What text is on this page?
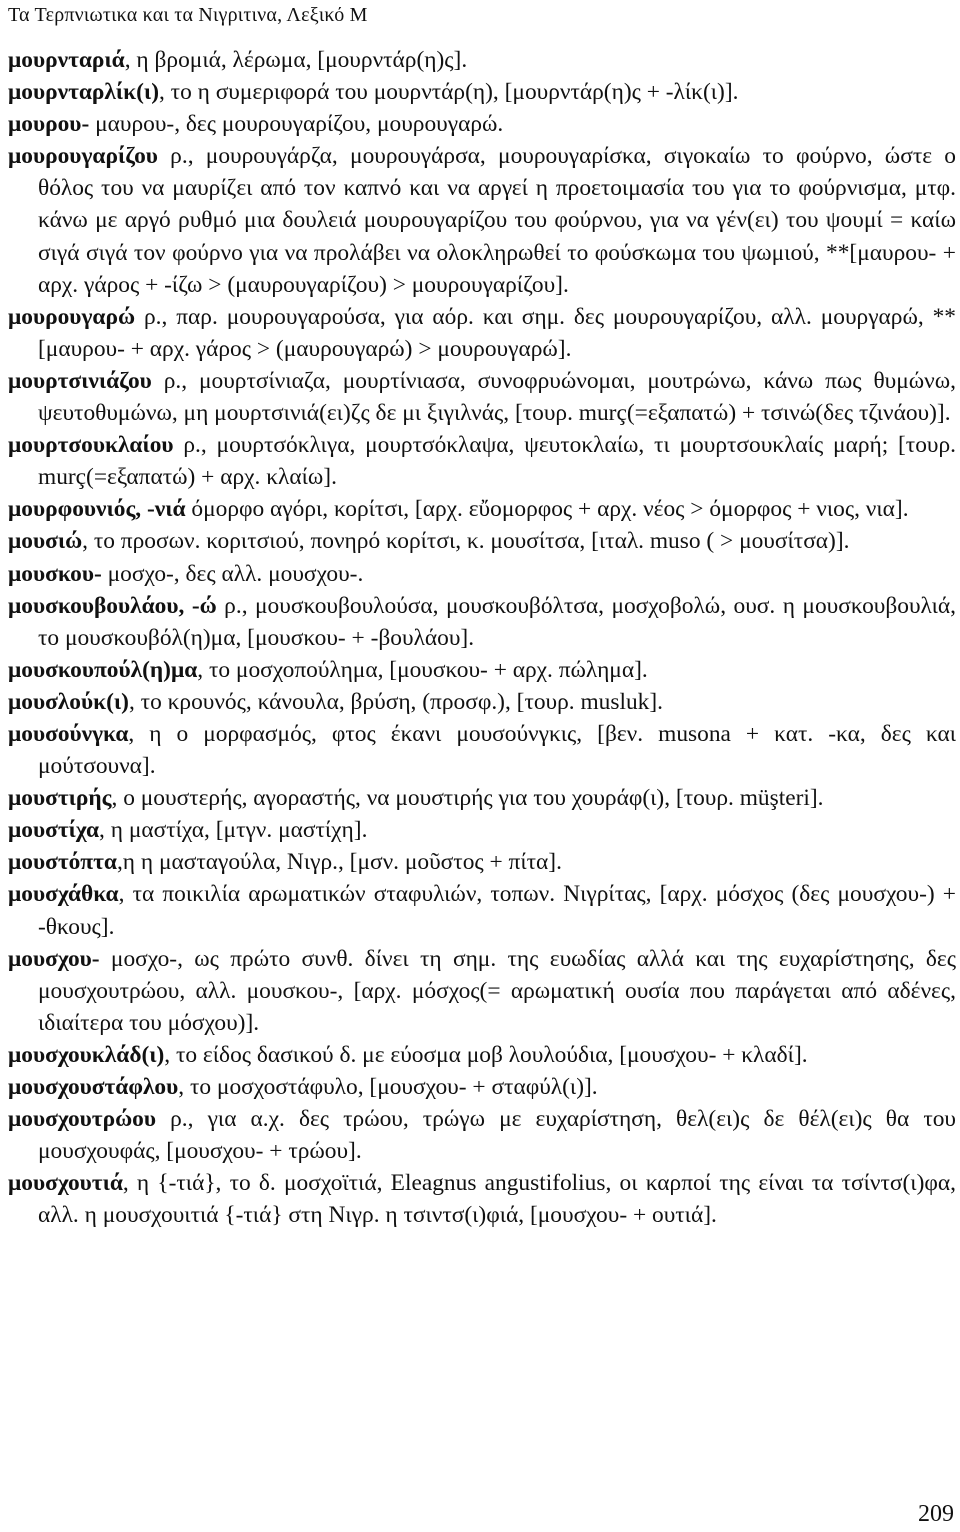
Τα Τερπνιωτικα και τα Νιγριτινα, Λεξικό Μ

μουρνταριά, η βρομιά, λέρωμα, [μουρντάρ(η)ς].

μουρνταρλίκ(ι), το η συμεριφορά του μουρντάρ(η), [μουρντάρ(η)ς + -λίκ(ι)].

μουρου- μαυρου-, δες μουρουγαρίζου, μουρουγαρώ.

μουρουγαρίζου ρ., μουρουγάρζα, μουρουγάρσα, μουρουγαρίσκα, σιγοκαίω το φούρνο, ώστε ο θόλος του να μαυρίζει από τον καπνό και να αργεί η προετοιμασία του για το φούρνισμα, μτφ. κάνω με αργό ρυθμό μια δουλειά μουρουγαρίζου του φούρνου, για να γέν(ει) του ψουμί = καίω σιγά σιγά τον φούρνο για να προλάβει να ολοκληρωθεί το φούσκωμα του ψωμιού, **[μαυρου- + αρχ. γάρος + -ίζω > (μαυρουγαρίζου) > μουρουγαρίζου].

μουρουγαρώ ρ., παρ. μουρουγαρούσα, για αόρ. και σημ. δες μουρουγαρίζου, αλλ. μουργαρώ, **[μαυρου- + αρχ. γάρος > (μαυρουγαρώ) > μουρουγαρώ].

μουρτσινιάζου ρ., μουρτσίνιαζα, μουρτίνιασα, συνοφρυώνομαι, μουτρώνω, κάνω πως θυμώνω, ψευτοθυμώνω, μη μουρτσινιά(ει)ζς δε μι ξιγιλνάς, [τουρ. murç(=εξαπατώ) + τσινώ(δες τζινάου)].

μουρτσουκλαίου ρ., μουρτσόκλιγα, μουρτσόκλαψα, ψευτοκλαίω, τι μουρτσουκλαίς μαρή; [τουρ. murç(=εξαπατώ) + αρχ. κλαίω].

μουρφουνιός, -νιά όμορφο αγόρι, κορίτσι, [αρχ. εὔομορφος + αρχ. νέος > όμορφος + νιος, νια].

μουσιώ, το προσων. κοριτσιού, πονηρό κορίτσι, κ. μουσίτσα, [ιταλ. muso ( > μουσίτσα)].

μουσκου- μοσχο-, δες αλλ. μουσχου-.

μουσκουβουλάου, -ώ ρ., μουσκουβουλούσα, μουσκουβόλτσα, μοσχοβολώ, ουσ. η μουσκουβουλιά, το μουσκουβόλ(η)μα, [μουσκου- + -βουλάου].

μουσκουπούλ(η)μα, το μοσχοπούλημα, [μουσκου- + αρχ. πώλημα].

μουσλούκ(ι), το κρουνός, κάνουλα, βρύση, (προσφ.), [τουρ. musluk].

μουσούνγκα, η ο μορφασμός, φτος έκανι μουσούνγκις, [βεν. musona + κατ. -κα, δες και μούτσουνα].

μουστιρής, ο μουστερής, αγοραστής, να μουστιρής για του χουράφ(ι), [τουρ. müşteri].

μουστίχα, η μαστίχα, [μτγν. μαστίχη].

μουστόπτα,η η μασταγούλα, Νιγρ., [μσν. μοῦστος + πίτα].

μουσχάθκα, τα ποικιλία αρωματικών σταφυλιών, τοπων. Νιγρίτας, [αρχ. μόσχος (δες μουσχου-) + -θκους].

μουσχου- μοσχο-, ως πρώτο συνθ. δίνει τη σημ. της ευωδίας αλλά και της ευχαρίστησης, δες μουσχουτρώου, αλλ. μουσκου-, [αρχ. μόσχος(= αρωματική ουσία που παράγεται από αδένες, ιδιαίτερα του μόσχου)].

μουσχουκλάδ(ι), το είδος δασικού δ. με εύοσμα μοβ λουλούδια, [μουσχου- + κλαδί].

μουσχουστάφλου, το μοσχοστάφυλο, [μουσχου- + σταφύλ(ι)].

μουσχουτρώου ρ., για α.χ. δες τρώου, τρώγω με ευχαρίστηση, θελ(ει)ς δε θέλ(ει)ς θα του μουσχουφάς, [μουσχου- + τρώου].

μουσχουτιά, η {-τιά}, το δ. μοσχοϊτιά, Eleagnus angustifolius, οι καρποί της είναι τα τσίντσ(ι)φα, αλλ. η μουσχουιτιά {-τιά} στη Νιγρ. η τσιντσ(ι)φιά, [μουσχου- + ουτιά].

209
